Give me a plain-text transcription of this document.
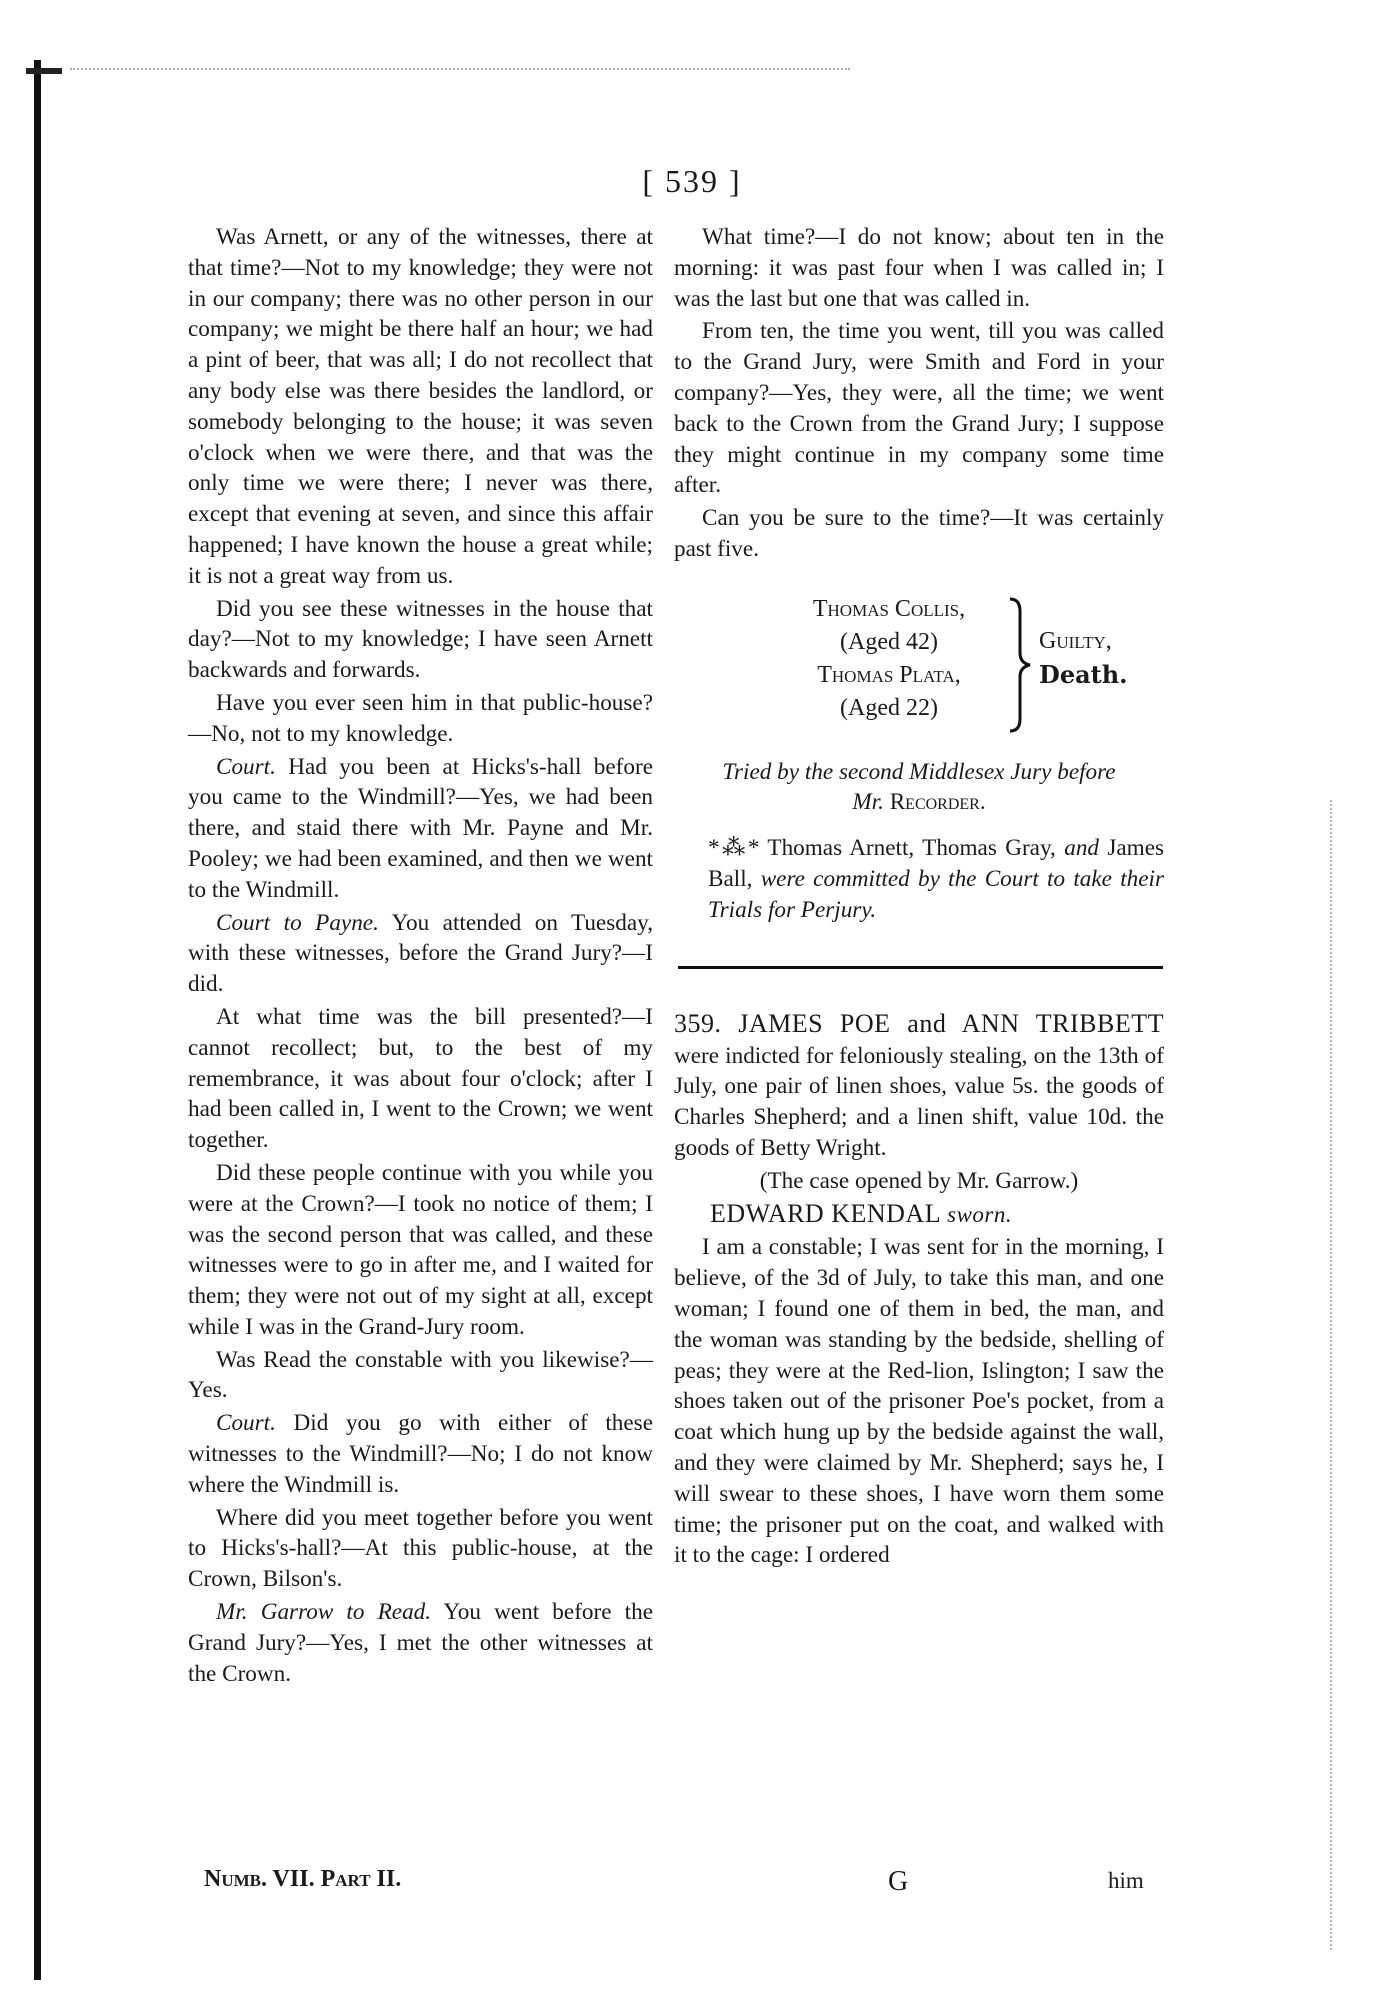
[ 539 ]

Was Arnett, or any of the witnesses, there at that time?—Not to my knowledge; they were not in our company; there was no other person in our company; we might be there half an hour; we had a pint of beer, that was all; I do not recollect that any body else was there besides the landlord, or somebody belonging to the house; it was seven o'clock when we were there, and that was the only time we were there; I never was there, except that evening at seven, and since this affair happened; I have known the house a great while; it is not a great way from us.

Did you see these witnesses in the house that day?—Not to my knowledge; I have seen Arnett backwards and forwards.

Have you ever seen him in that public-house?—No, not to my knowledge.

Court. Had you been at Hicks's-hall before you came to the Windmill?—Yes, we had been there, and staid there with Mr. Payne and Mr. Pooley; we had been examined, and then we went to the Windmill.

Court to Payne. You attended on Tuesday, with these witnesses, before the Grand Jury?—I did.

At what time was the bill presented?—I cannot recollect; but, to the best of my remembrance, it was about four o'clock; after I had been called in, I went to the Crown; we went together.

Did these people continue with you while you were at the Crown?—I took no notice of them; I was the second person that was called, and these witnesses were to go in after me, and I waited for them; they were not out of my sight at all, except while I was in the Grand-Jury room.

Was Read the constable with you likewise?—Yes.

Court. Did you go with either of these witnesses to the Windmill?—No; I do not know where the Windmill is.

Where did you meet together before you went to Hicks's-hall?—At this public-house, at the Crown, Bilson's.

Mr. Garrow to Read. You went before the Grand Jury?—Yes, I met the other witnesses at the Crown.

What time?—I do not know; about ten in the morning: it was past four when I was called in; I was the last but one that was called in.

From ten, the time you went, till you was called to the Grand Jury, were Smith and Ford in your company?—Yes, they were, all the time; we went back to the Crown from the Grand Jury; I suppose they might continue in my company some time after.

Can you be sure to the time?—It was certainly past five.

Thomas Collis,
(Aged 42)
Thomas Plata,
(Aged 22)
Guilty,
Death.
Tried by the second Middlesex Jury before
Mr. Recorder.

*⁂* Thomas Arnett, Thomas Gray, and James Ball, were committed by the Court to take their Trials for Perjury.

359. JAMES POE and ANN TRIBBETT were indicted for feloniously stealing, on the 13th of July, one pair of linen shoes, value 5s. the goods of Charles Shepherd; and a linen shift, value 10d. the goods of Betty Wright.

(The case opened by Mr. Garrow.)

EDWARD KENDAL sworn.

I am a constable; I was sent for in the morning, I believe, of the 3d of July, to take this man, and one woman; I found one of them in bed, the man, and the woman was standing by the bedside, shelling of peas; they were at the Red-lion, Islington; I saw the shoes taken out of the prisoner Poe's pocket, from a coat which hung up by the bedside against the wall, and they were claimed by Mr. Shepherd; says he, I will swear to these shoes, I have worn them some time; the prisoner put on the coat, and walked with it to the cage: I ordered

Numb. VII. Part II.	G	him
